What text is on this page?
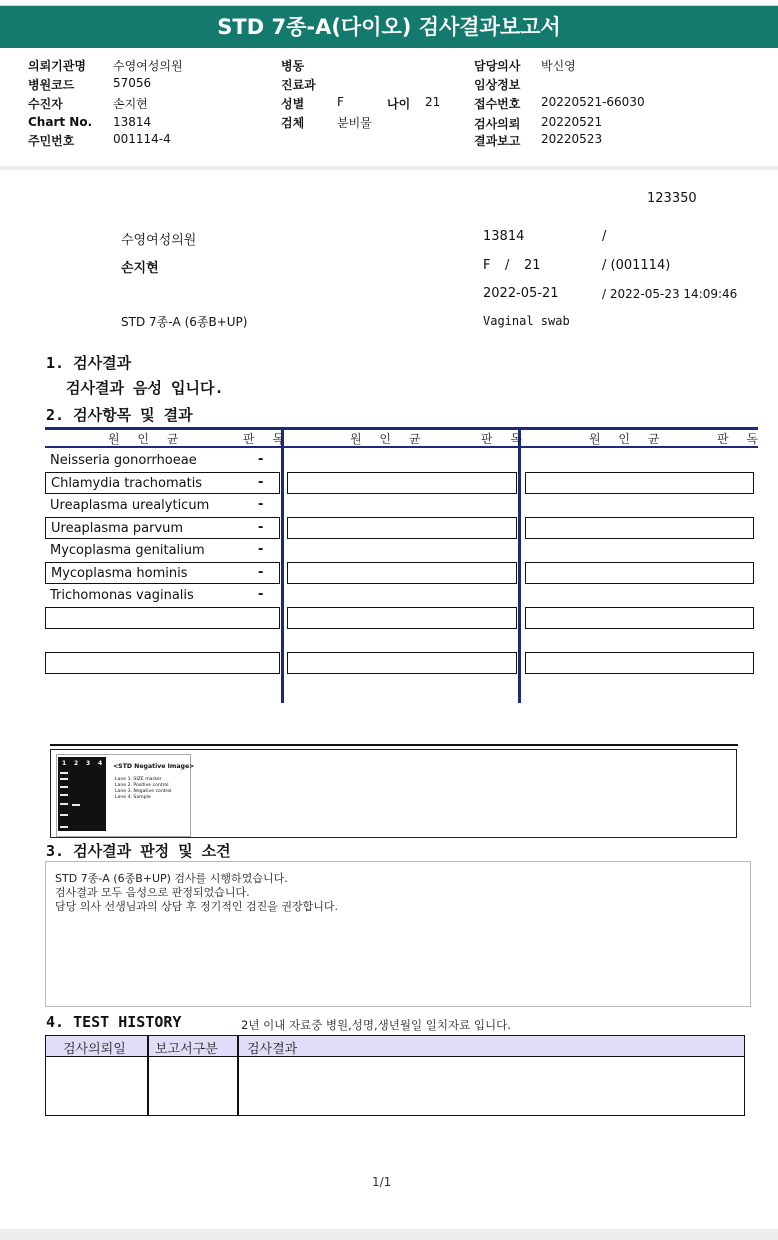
STD 7종-A(다이오) 검사결과보고서
의뢰기관명 수영여성의원
병원코드	57056
수진자	손지현
Chart No. 13814
주민번호	001114-4
병동
진료과
성별	F	나이 21
검체	분비물
담당의사 박신영
임상정보
접수번호 20220521-66030
검사의뢰 20220521
결과보고 20220523
123350
수영여성의원	13814	/
손지현	F / 21	/ (001114)
2022-05-21	/ 2022-05-23 14:09:46
STD 7종-A (6종B+UP)	Vaginal swab
1. 검사결과
검사결과 음성 입니다.
2. 검사항목 및 결과
원 인 균	판 독	원 인 균	판 독	원 인 균	판 독
Neisseria gonorrhoeae	-
Chlamydia trachomatis	-
Ureaplasma urealyticum	-
Ureaplasma parvum	-
Mycoplasma genitalium	-
Mycoplasma hominis	-
Trichomonas vaginalis	-
1 2 3 4 <STD Negative Image>
Lane 1. SIZE marker
Lane 2. Positive control
Lane 3. Negative control
Lane 4. Sample
3. 검사결과 판정 및 소견
STD 7종-A (6종B+UP) 검사를 시행하였습니다.
검사결과 모두 음성으로 판정되었습니다.
담당 의사 선생님과의 상담 후 정기적인 검진을 권장합니다.
4. TEST HISTORY	2년 이내 자료중 병원,성명,생년월일 일치자료 입니다.
검사의뢰일 보고서구분 검사결과
1/1
